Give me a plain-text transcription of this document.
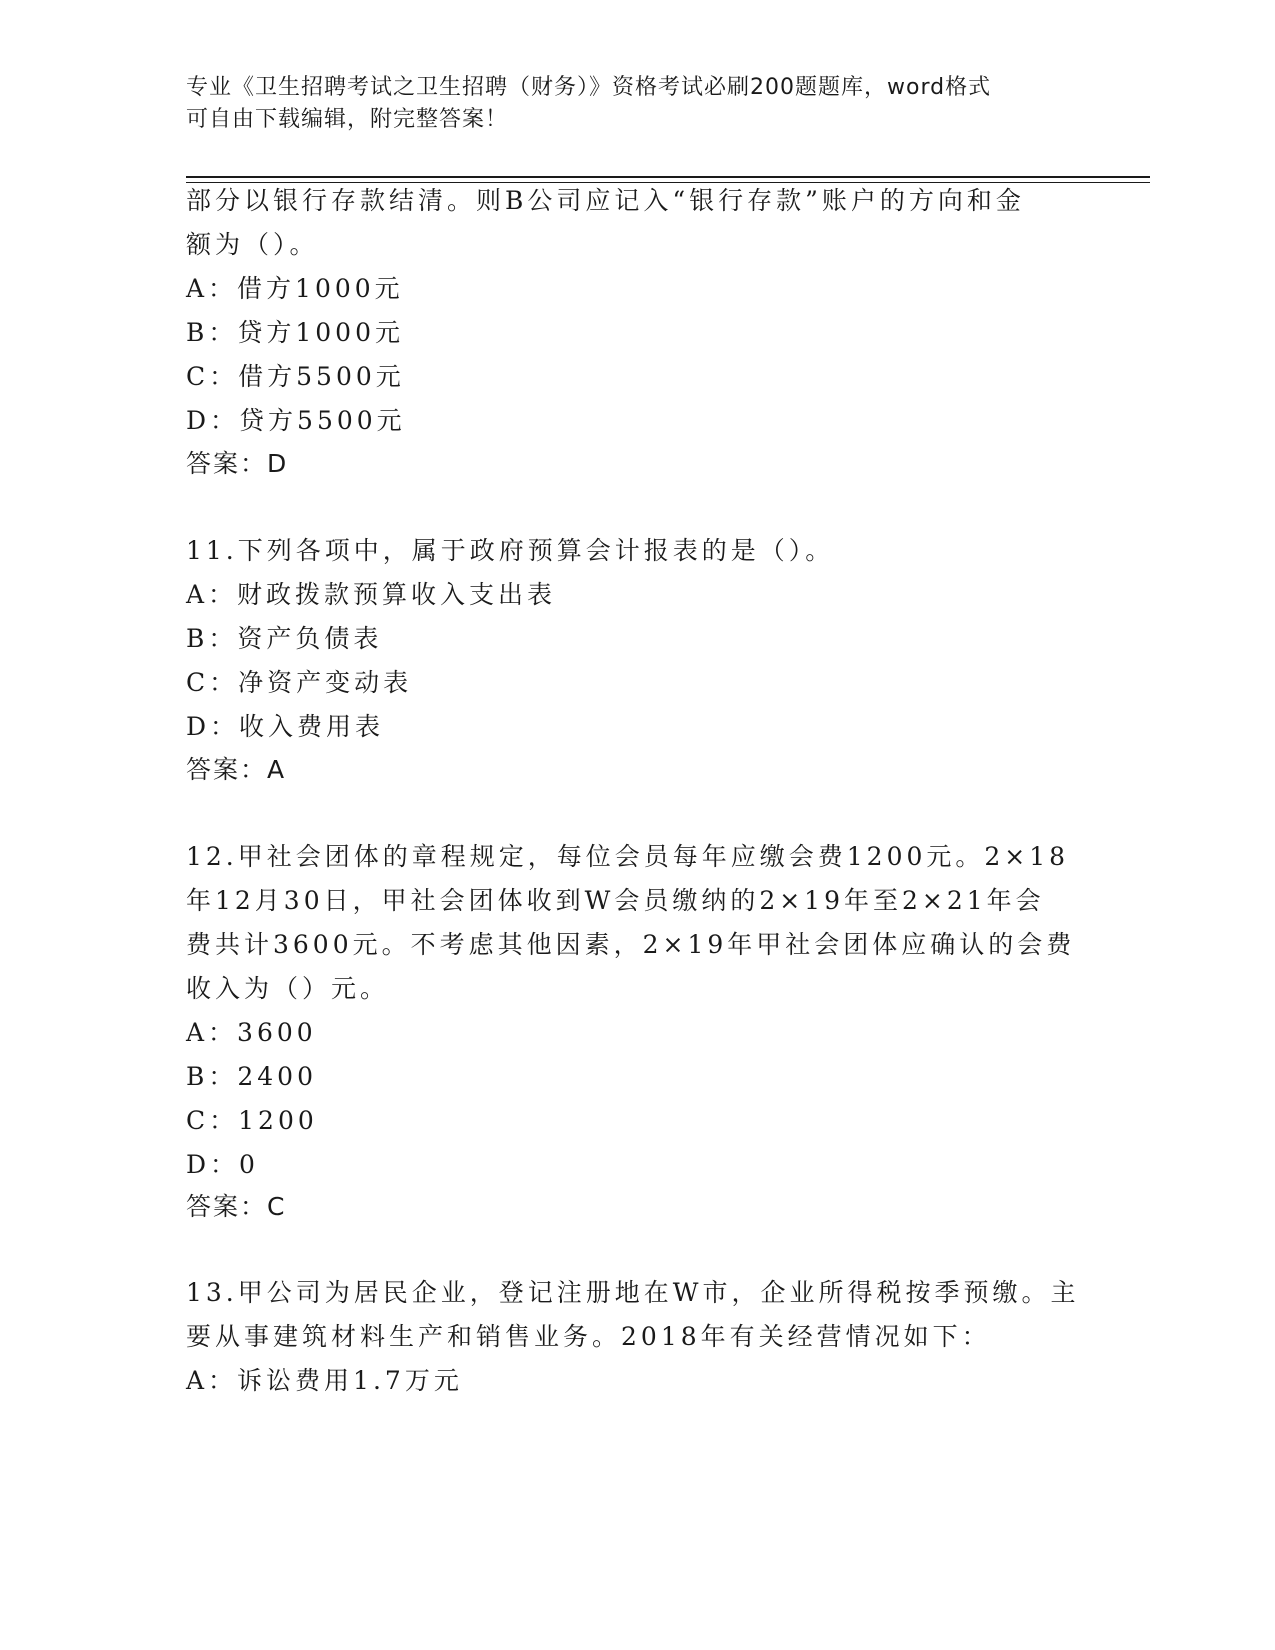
专业《卫生招聘考试之卫生招聘（财务）》资格考试必刷200题题库，word格式
可自由下载编辑，附完整答案！
部分以银行存款结清。则B公司应记入“银行存款”账户的方向和金
额为（）。
A：借方1000元
B：贷方1000元
C：借方5500元
D：贷方5500元
答案：D
11.下列各项中，属于政府预算会计报表的是（）。
A：财政拨款预算收入支出表
B：资产负债表
C：净资产变动表
D：收入费用表
答案：A
12.甲社会团体的章程规定，每位会员每年应缴会费1200元。2×18
年12月30日，甲社会团体收到W会员缴纳的2×19年至2×21年会
费共计3600元。不考虑其他因素，2×19年甲社会团体应确认的会费
收入为（）元。
A：3600
B：2400
C：1200
D：0
答案：C
13.甲公司为居民企业，登记注册地在W市，企业所得税按季预缴。主
要从事建筑材料生产和销售业务。2018年有关经营情况如下：
A：诉讼费用1.7万元
